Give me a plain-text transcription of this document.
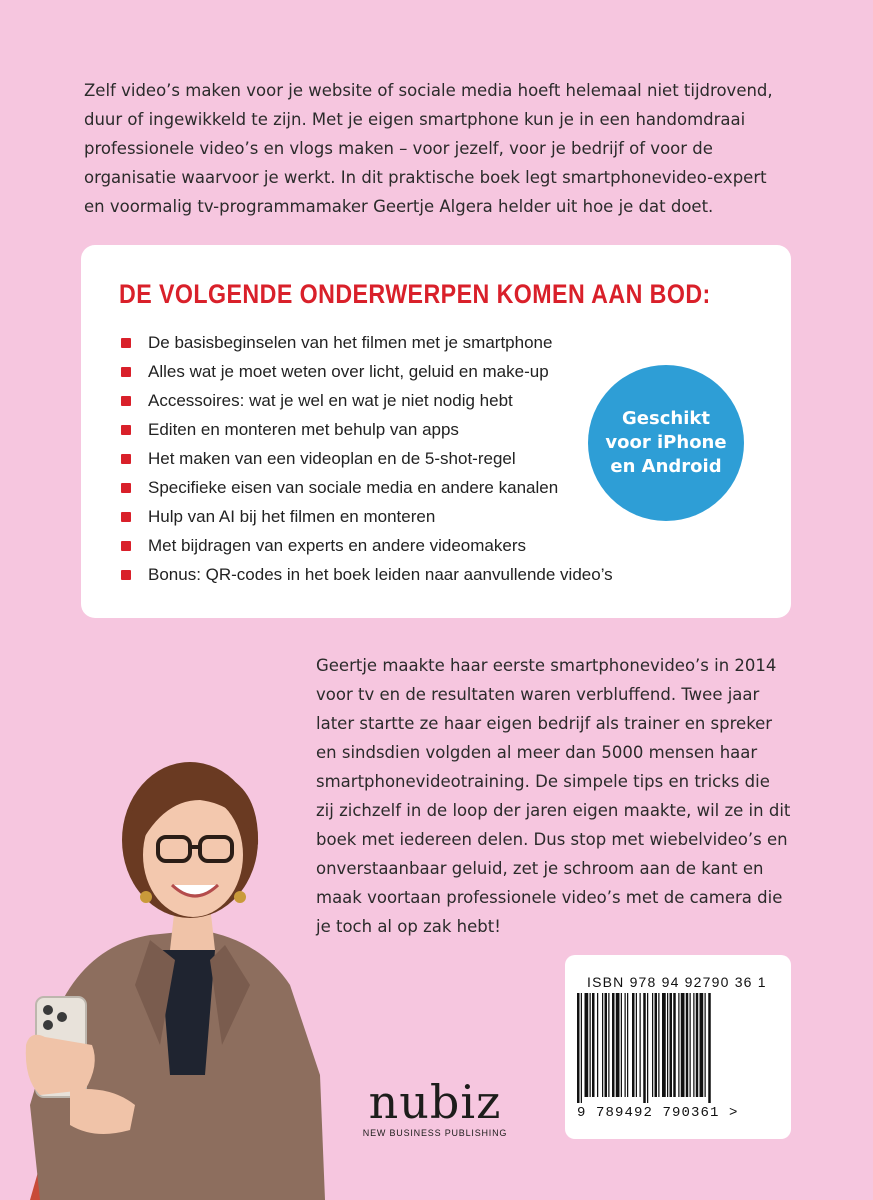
Zelf video’s maken voor je website of sociale media hoeft helemaal niet tijdrovend,
duur of ingewikkeld te zijn. Met je eigen smartphone kun je in een handomdraai
professionele video’s en vlogs maken – voor jezelf, voor je bedrijf of voor de
organisatie waarvoor je werkt. In dit praktische boek legt smartphonevideo-expert
en voormalig tv-programmamaker Geertje Algera helder uit hoe je dat doet.
DE VOLGENDE ONDERWERPEN KOMEN AAN BOD:
De basisbeginselen van het filmen met je smartphone
Alles wat je moet weten over licht, geluid en make-up
Accessoires: wat je wel en wat je niet nodig hebt
Editen en monteren met behulp van apps
Het maken van een videoplan en de 5-shot-regel
Specifieke eisen van sociale media en andere kanalen
Hulp van AI bij het filmen en monteren
Met bijdragen van experts en andere videomakers
Bonus: QR-codes in het boek leiden naar aanvullende video’s
Geschikt
voor iPhone
en Android
Geertje maakte haar eerste smartphonevideo’s in 2014
voor tv en de resultaten waren verbluffend. Twee jaar
later startte ze haar eigen bedrijf als trainer en spreker
en sindsdien volgden al meer dan 5000 mensen haar
smartphonevideotraining. De simpele tips en tricks die
zij zichzelf in de loop der jaren eigen maakte, wil ze in dit
boek met iedereen delen. Dus stop met wiebelvideo’s en
onverstaanbaar geluid, zet je schroom aan de kant en
maak voortaan professionele video’s met de camera die
je toch al op zak hebt!
nubiz
NEW BUSINESS PUBLISHING
ISBN 978 94 92790 36 1
9 789492 790361 >
